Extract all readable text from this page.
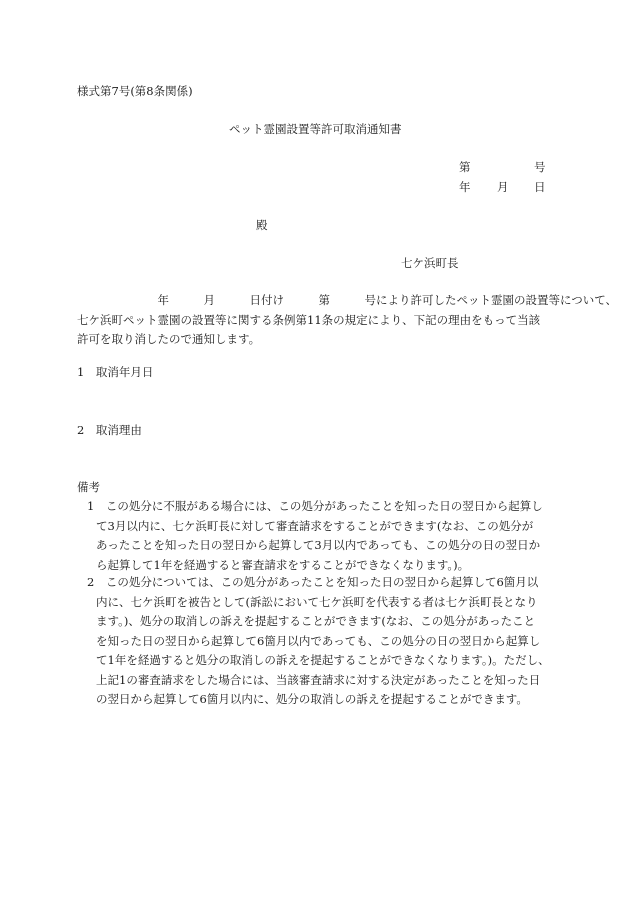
様式第7号(第8条関係)
ペット霊園設置等許可取消通知書
第	号
年 月 日
殿
七ケ浜町長
　　　　　　　年　　　月　　　日付け　　　第　　　号により許可したペット霊園の設置等について、
七ケ浜町ペット霊園の設置等に関する条例第11条の規定により、下記の理由をもって当該
許可を取り消したので通知します。
1　取消年月日
2　取消理由
備考
1　この処分に不服がある場合には、この処分があったことを知った日の翌日から起算し
て3月以内に、七ケ浜町長に対して審査請求をすることができます(なお、この処分が
あったことを知った日の翌日から起算して3月以内であっても、この処分の日の翌日か
ら起算して1年を経過すると審査請求をすることができなくなります。)。
2　この処分については、この処分があったことを知った日の翌日から起算して6箇月以
内に、七ケ浜町を被告として(訴訟において七ケ浜町を代表する者は七ケ浜町長となり
ます。)、処分の取消しの訴えを提起することができます(なお、この処分があったこと
を知った日の翌日から起算して6箇月以内であっても、この処分の日の翌日から起算し
て1年を経過すると処分の取消しの訴えを提起することができなくなります。)。ただし、
上記1の審査請求をした場合には、当該審査請求に対する決定があったことを知った日
の翌日から起算して6箇月以内に、処分の取消しの訴えを提起することができます。
